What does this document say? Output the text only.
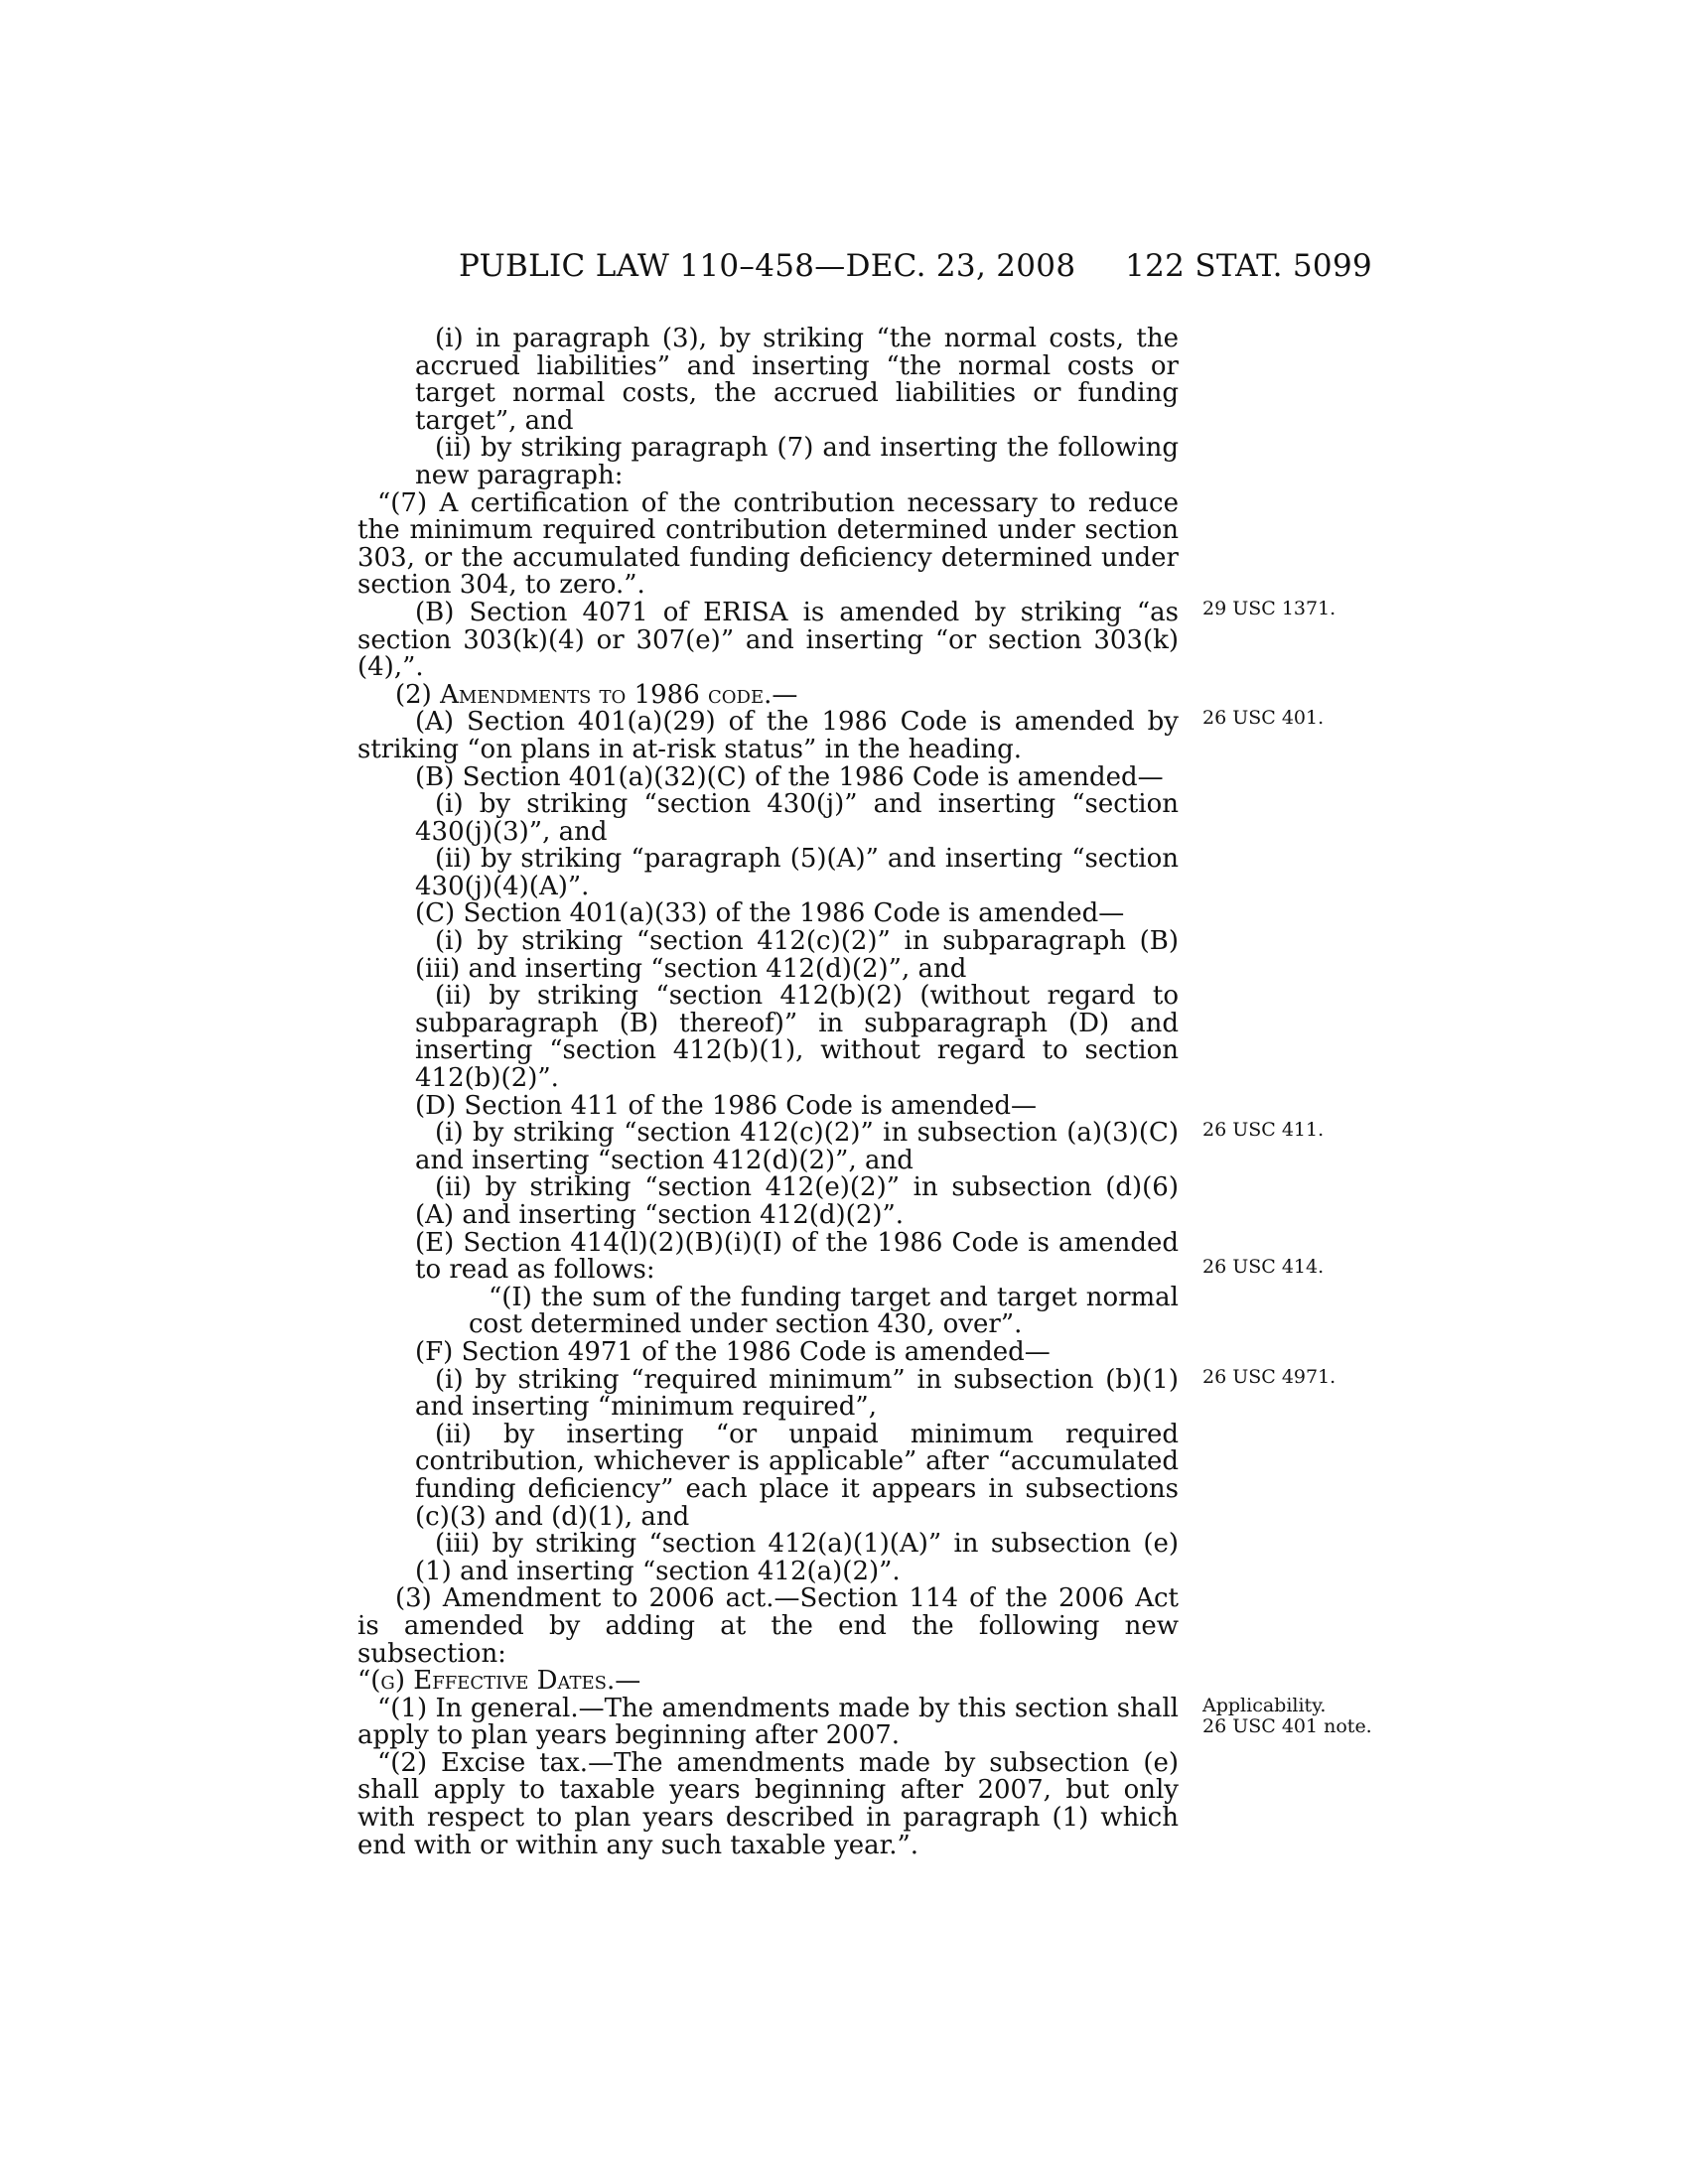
PUBLIC LAW 110–458—DEC. 23, 2008 122 STAT. 5099

(i) in paragraph (3), by striking “the normal costs, the accrued liabilities” and inserting “the normal costs or target normal costs, the accrued liabilities or funding target”, and

(ii) by striking paragraph (7) and inserting the following new paragraph:

“(7) A certification of the contribution necessary to reduce the minimum required contribution determined under section 303, or the accumulated funding deficiency determined under section 304, to zero.”.

(B) Section 4071 of ERISA is amended by striking “as section 303(k)(4) or 307(e)” and inserting “or section 303(k)(4),”.

(2) Amendments to 1986 code.—

(A) Section 401(a)(29) of the 1986 Code is amended by striking “on plans in at-risk status” in the heading.

(B) Section 401(a)(32)(C) of the 1986 Code is amended—

(i) by striking “section 430(j)” and inserting “section 430(j)(3)”, and

(ii) by striking “paragraph (5)(A)” and inserting “section 430(j)(4)(A)”.

(C) Section 401(a)(33) of the 1986 Code is amended—

(i) by striking “section 412(c)(2)” in subparagraph (B)(iii) and inserting “section 412(d)(2)”, and

(ii) by striking “section 412(b)(2) (without regard to subparagraph (B) thereof)” in subparagraph (D) and inserting “section 412(b)(1), without regard to section 412(b)(2)”.

(D) Section 411 of the 1986 Code is amended—

(i) by striking “section 412(c)(2)” in subsection (a)(3)(C) and inserting “section 412(d)(2)”, and

(ii) by striking “section 412(e)(2)” in subsection (d)(6)(A) and inserting “section 412(d)(2)”.

(E) Section 414(l)(2)(B)(i)(I) of the 1986 Code is amended to read as follows:

“(I) the sum of the funding target and target normal cost determined under section 430, over”.

(F) Section 4971 of the 1986 Code is amended—

(i) by striking “required minimum” in subsection (b)(1) and inserting “minimum required”,

(ii) by inserting “or unpaid minimum required contribution, whichever is applicable” after “accumulated funding deficiency” each place it appears in subsections (c)(3) and (d)(1), and

(iii) by striking “section 412(a)(1)(A)” in subsection (e)(1) and inserting “section 412(a)(2)”.

(3) Amendment to 2006 act.—Section 114 of the 2006 Act is amended by adding at the end the following new subsection:

“(g) Effective Dates.—

“(1) In general.—The amendments made by this section shall apply to plan years beginning after 2007.

“(2) Excise tax.—The amendments made by subsection (e) shall apply to taxable years beginning after 2007, but only with respect to plan years described in paragraph (1) which end with or within any such taxable year.”.

29 USC 1371.
26 USC 401.
26 USC 411.
26 USC 414.
26 USC 4971.
Applicability.
26 USC 401 note.
